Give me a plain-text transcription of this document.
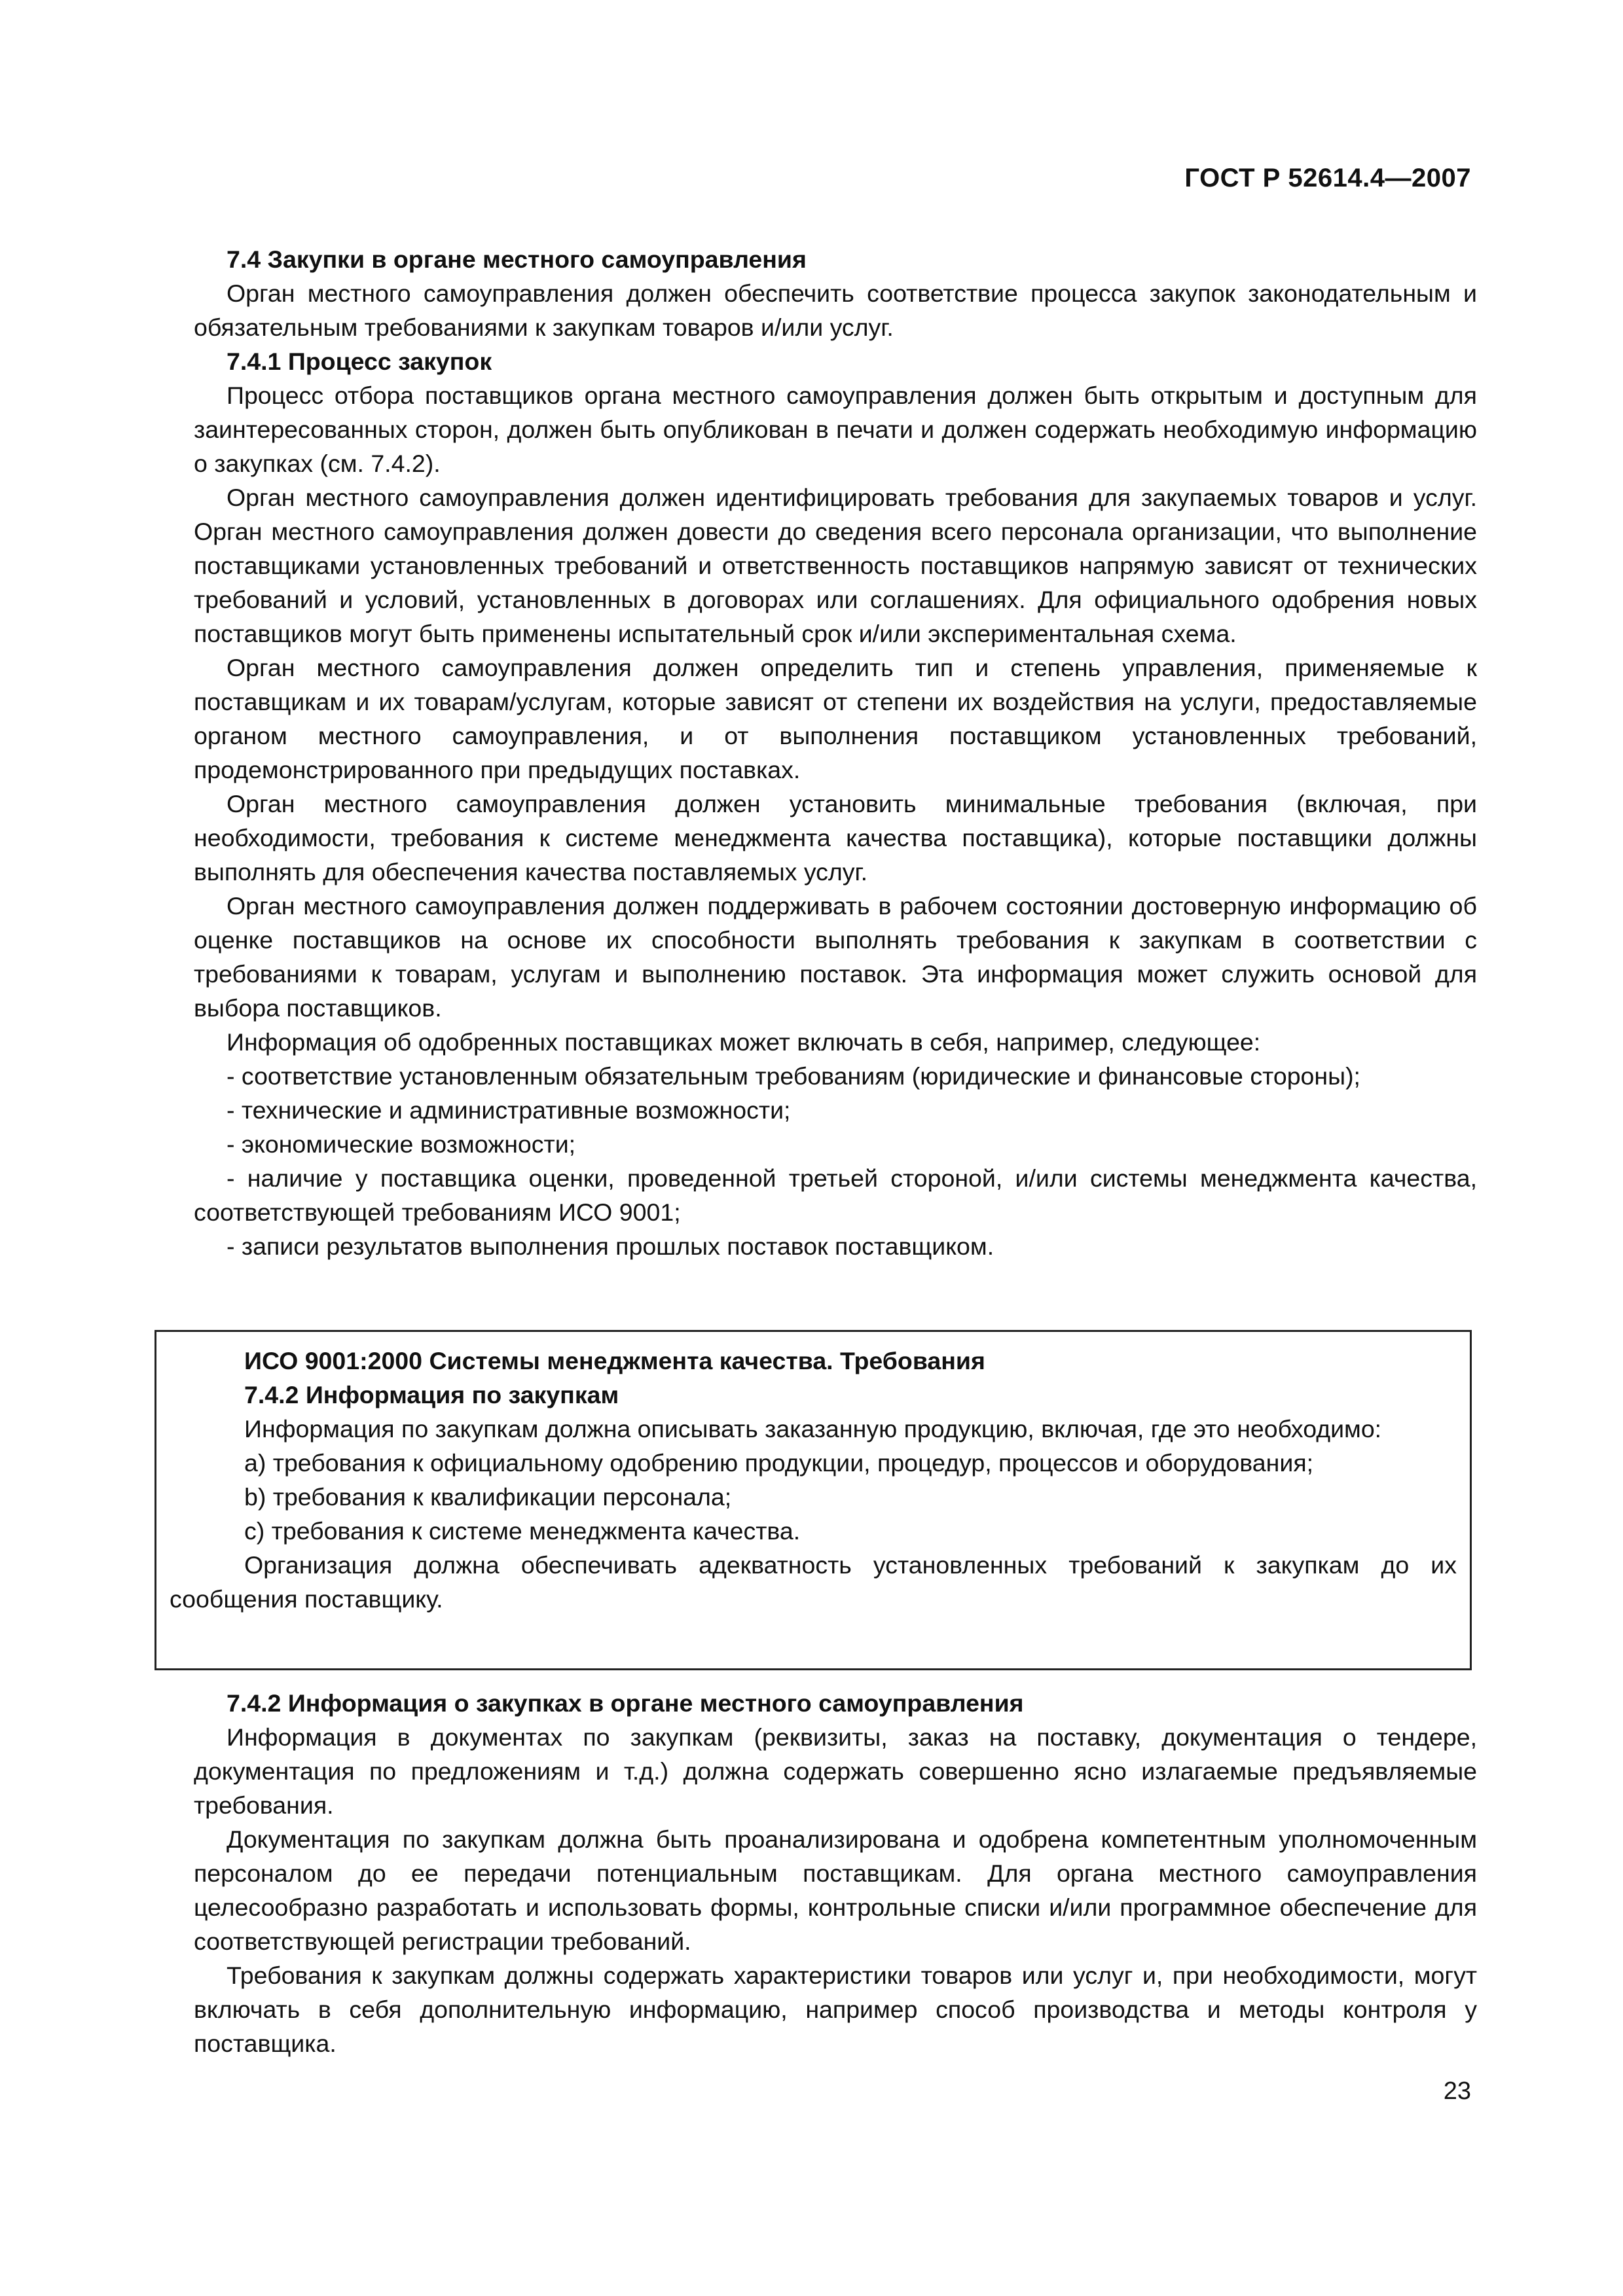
ГОСТ Р 52614.4—2007

7.4 Закупки в органе местного самоуправления

Орган местного самоуправления должен обеспечить соответствие процесса закупок законодательным и обязательным требованиями к закупкам товаров и/или услуг.

7.4.1 Процесс закупок

Процесс отбора поставщиков органа местного самоуправления должен быть открытым и доступным для заинтересованных сторон, должен быть опубликован в печати и должен содержать необходимую информацию о закупках (см. 7.4.2).

Орган местного самоуправления должен идентифицировать требования для закупаемых товаров и услуг. Орган местного самоуправления должен довести до сведения всего персонала организации, что выполнение поставщиками установленных требований и ответственность поставщиков напрямую зависят от технических требований и условий, установленных в договорах или соглашениях. Для официального одобрения новых поставщиков могут быть применены испытательный срок и/или экспериментальная схема.

Орган местного самоуправления должен определить тип и степень управления, применяемые к поставщикам и их товарам/услугам, которые зависят от степени их воздействия на услуги, предоставляемые органом местного самоуправления, и от выполнения поставщиком установленных требований, продемонстрированного при предыдущих поставках.

Орган местного самоуправления должен установить минимальные требования (включая, при необходимости, требования к системе менеджмента качества поставщика), которые поставщики должны выполнять для обеспечения качества поставляемых услуг.

Орган местного самоуправления должен поддерживать в рабочем состоянии достоверную информацию об оценке поставщиков на основе их способности выполнять требования к закупкам в соответствии с требованиями к товарам, услугам и выполнению поставок. Эта информация может служить основой для выбора поставщиков.

Информация об одобренных поставщиках может включать в себя, например, следующее:

- соответствие установленным обязательным требованиям (юридические и финансовые стороны);

- технические и административные возможности;

- экономические возможности;

- наличие у поставщика оценки, проведенной третьей стороной, и/или системы менеджмента качества, соответствующей требованиям ИСО 9001;

- записи результатов выполнения прошлых поставок поставщиком.

ИСО 9001:2000 Системы менеджмента качества. Требования

7.4.2 Информация по закупкам

Информация по закупкам должна описывать заказанную продукцию, включая, где это необходимо:

a) требования к официальному одобрению продукции, процедур, процессов и оборудования;

b) требования к квалификации персонала;

c) требования к системе менеджмента качества.

Организация должна обеспечивать адекватность установленных требований к закупкам до их сообщения поставщику.

7.4.2 Информация о закупках в органе местного самоуправления

Информация в документах по закупкам (реквизиты, заказ на поставку, документация о тендере, документация по предложениям и т.д.) должна содержать совершенно ясно излагаемые предъявляемые требования.

Документация по закупкам должна быть проанализирована и одобрена компетентным уполномоченным персоналом до ее передачи потенциальным поставщикам. Для органа местного самоуправления целесообразно разработать и использовать формы, контрольные списки и/или программное обеспечение для соответствующей регистрации требований.

Требования к закупкам должны содержать характеристики товаров или услуг и, при необходимости, могут включать в себя дополнительную информацию, например способ производства и методы контроля у поставщика.

23
